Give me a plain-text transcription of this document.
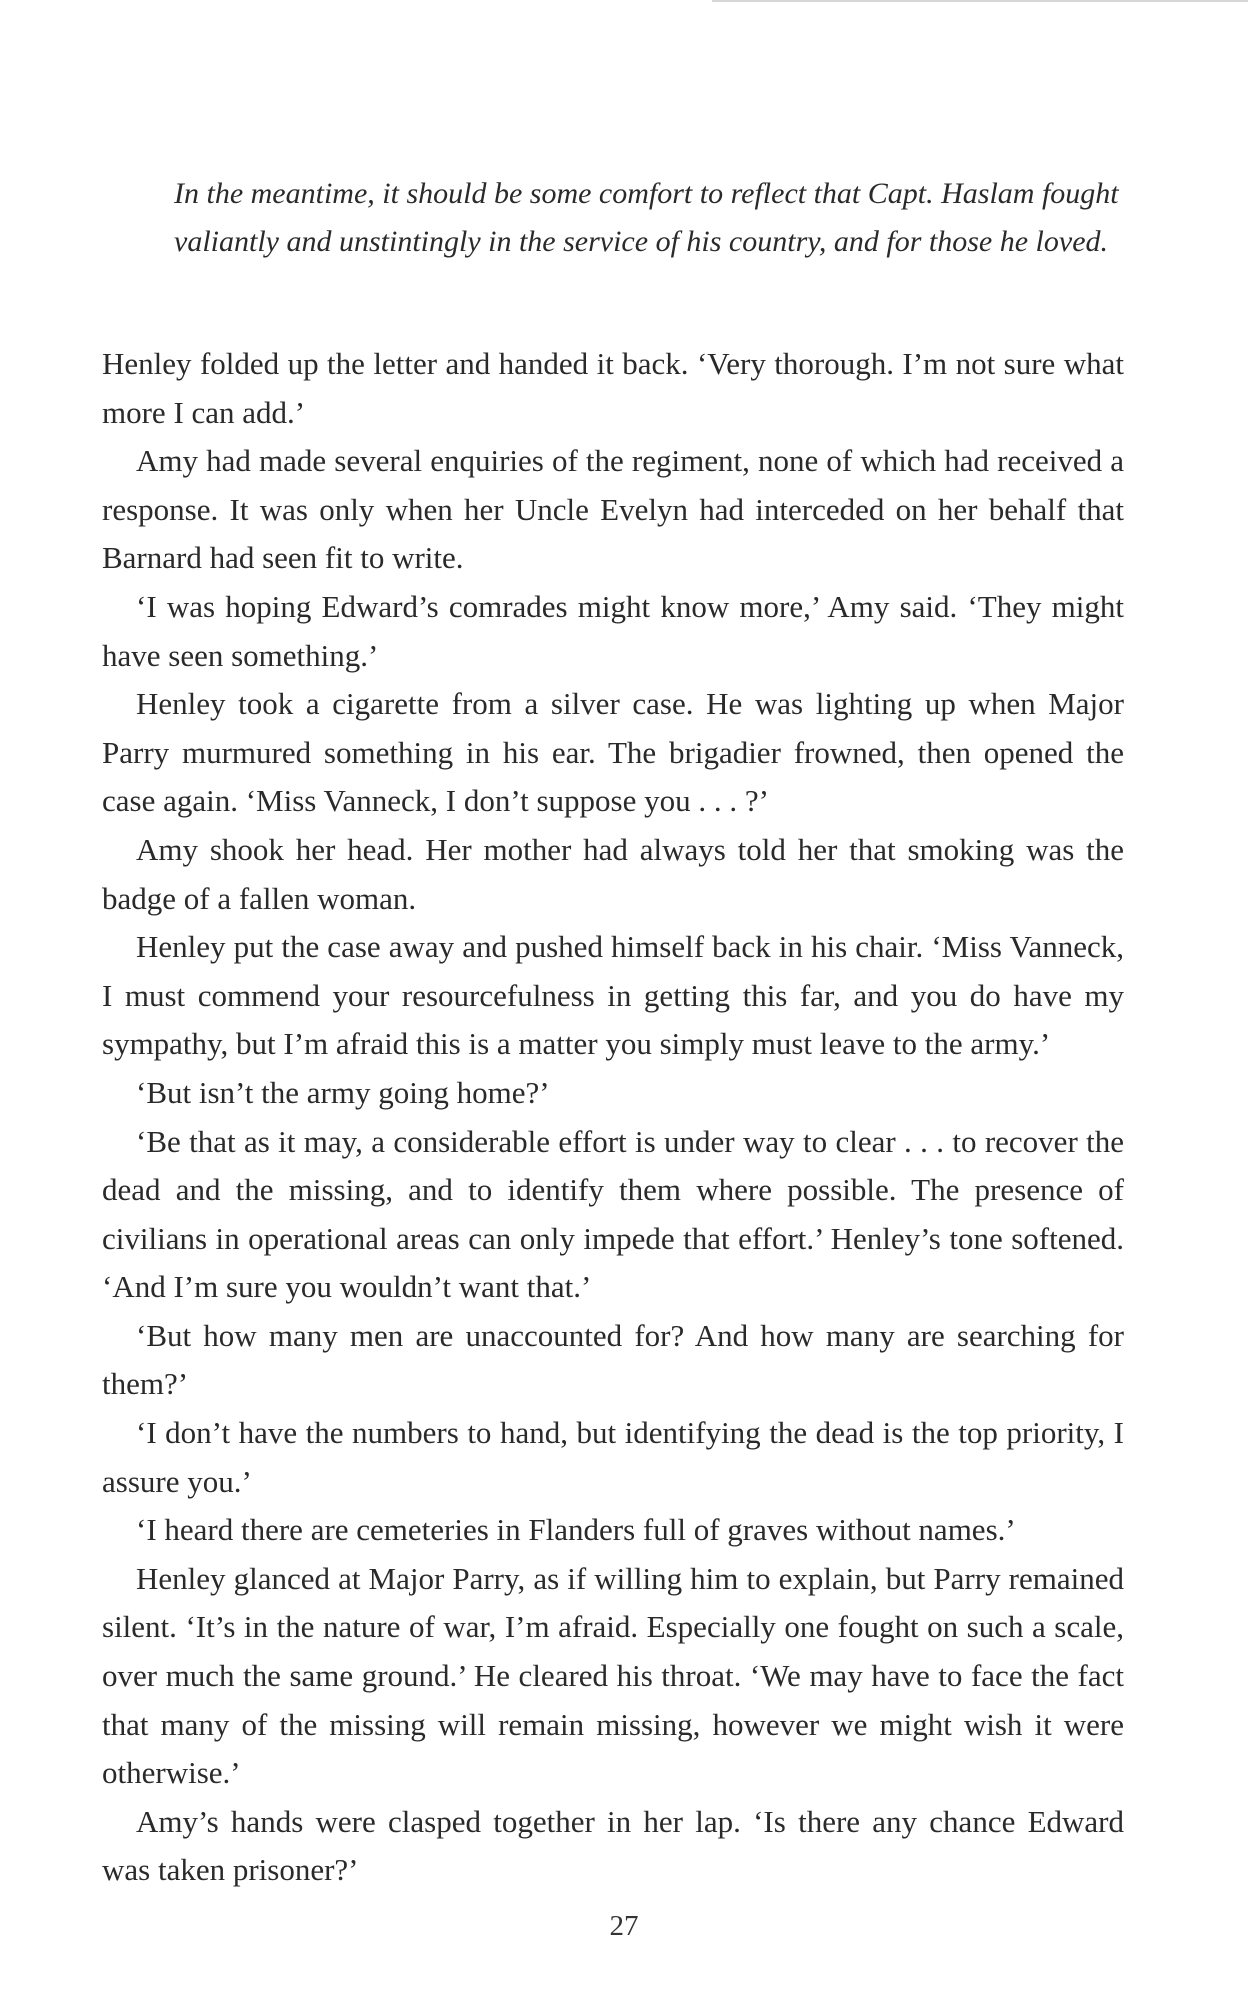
In the meantime, it should be some comfort to reflect that Capt. Haslam fought valiantly and unstintingly in the service of his country, and for those he loved.

Henley folded up the letter and handed it back. ‘Very thorough. I’m not sure what more I can add.’

Amy had made several enquiries of the regiment, none of which had received a response. It was only when her Uncle Evelyn had interceded on her behalf that Barnard had seen fit to write.

‘I was hoping Edward’s comrades might know more,’ Amy said. ‘They might have seen something.’

Henley took a cigarette from a silver case. He was lighting up when Major Parry murmured something in his ear. The brigadier frowned, then opened the case again. ‘Miss Vanneck, I don’t suppose you . . . ?’

Amy shook her head. Her mother had always told her that smoking was the badge of a fallen woman.

Henley put the case away and pushed himself back in his chair. ‘Miss Vanneck, I must commend your resourcefulness in getting this far, and you do have my sympathy, but I’m afraid this is a matter you simply must leave to the army.’

‘But isn’t the army going home?’

‘Be that as it may, a considerable effort is under way to clear . . . to recover the dead and the missing, and to identify them where possible. The presence of civilians in operational areas can only impede that effort.’ Henley’s tone softened. ‘And I’m sure you wouldn’t want that.’

‘But how many men are unaccounted for? And how many are searching for them?’

‘I don’t have the numbers to hand, but identifying the dead is the top priority, I assure you.’

‘I heard there are cemeteries in Flanders full of graves without names.’

Henley glanced at Major Parry, as if willing him to explain, but Parry remained silent. ‘It’s in the nature of war, I’m afraid. Especially one fought on such a scale, over much the same ground.’ He cleared his throat. ‘We may have to face the fact that many of the missing will remain missing, however we might wish it were otherwise.’

Amy’s hands were clasped together in her lap. ‘Is there any chance Edward was taken prisoner?’

27
